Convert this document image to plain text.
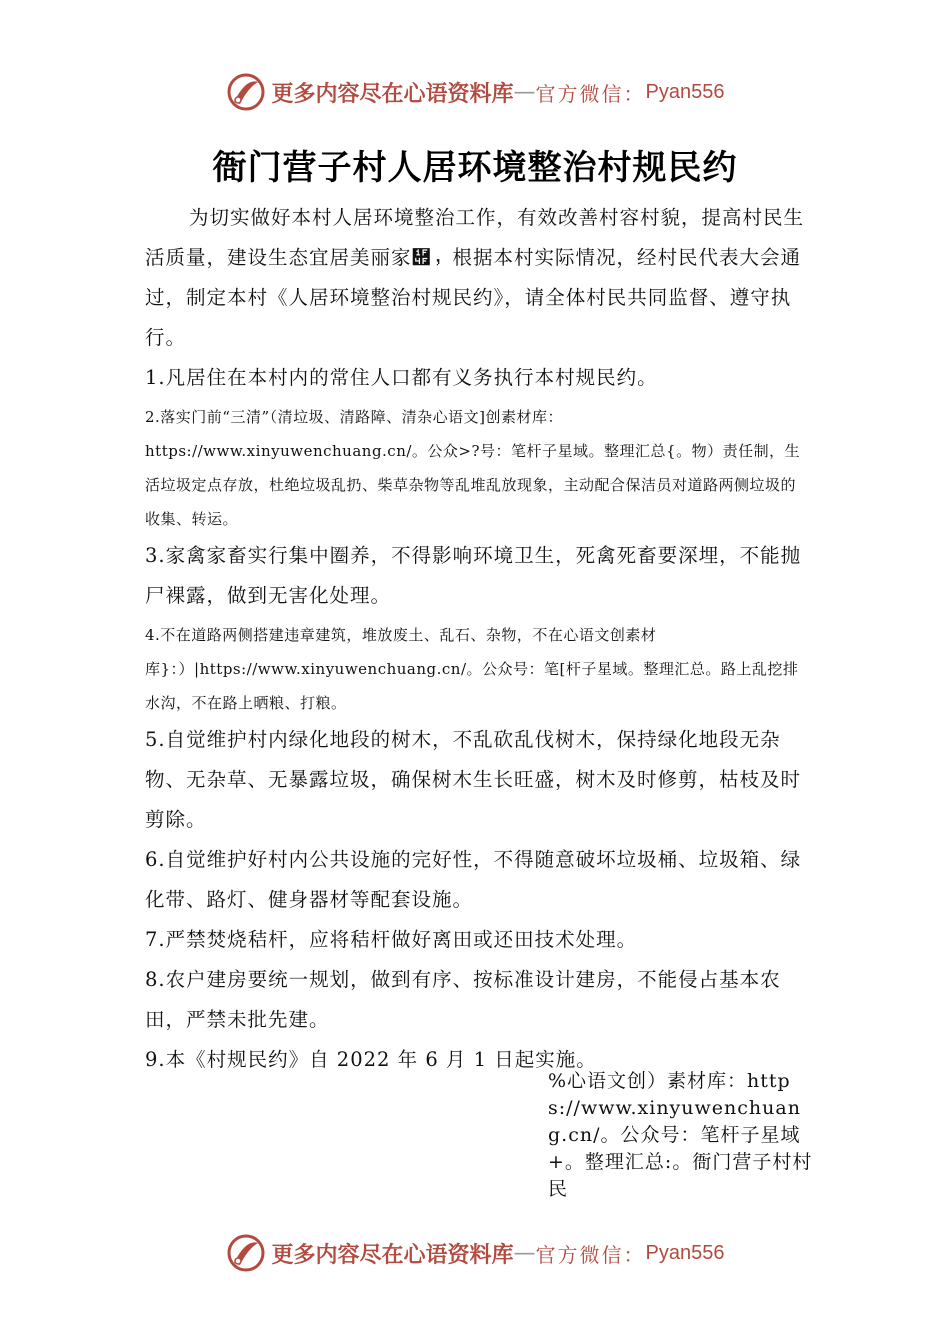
更多内容尽在心语资料库 — 官方微信： Pyan556
衙门营子村人居环境整治村规民约

为切实做好本村人居环境整治工作，有效改善村容村貌，提高村民生活质量，建设生态宜居美丽家὏，根据本村实际情况，经村民代表大会通过，制定本村《人居环境整治村规民约》，请全体村民共同监督、遵守执行。

1.凡居住在本村内的常住人口都有义务执行本村规民约。

2.落实门前“三清”（清垃圾、清路障、清杂心语文]创素材库：https://www.xinyuwenchuang.cn/。公众>?号：笔杆子星域。整理汇总{。物）责任制，生活垃圾定点存放，杜绝垃圾乱扔、柴草杂物等乱堆乱放现象，主动配合保洁员对道路两侧垃圾的收集、转运。

3.家禽家畜实行集中圈养，不得影响环境卫生，死禽死畜要深埋，不能抛尸裸露，做到无害化处理。

4.不在道路两侧搭建违章建筑，堆放废土、乱石、杂物，不在心语文创素材库}：）|https://www.xinyuwenchuang.cn/。公众号：笔[杆子星域。整理汇总。路上乱挖排水沟，不在路上晒粮、打粮。

5.自觉维护村内绿化地段的树木，不乱砍乱伐树木，保持绿化地段无杂物、无杂草、无暴露垃圾，确保树木生长旺盛，树木及时修剪，枯枝及时剪除。

6.自觉维护好村内公共设施的完好性，不得随意破坏垃圾桶、垃圾箱、绿化带、路灯、健身器材等配套设施。

7.严禁焚烧秸杆，应将秸杆做好离田或还田技术处理。

8.农户建房要统一规划，做到有序、按标准设计建房，不能侵占基本农田，严禁未批先建。

9.本《村规民约》自 2022 年 6 月 1 日起实施。

%心语文创）素材库：https://www.xinyuwenchuang.cn/。公众号：笔杆子星域+。整理汇总:。衙门营子村村民
更多内容尽在心语资料库 — 官方微信： Pyan556
